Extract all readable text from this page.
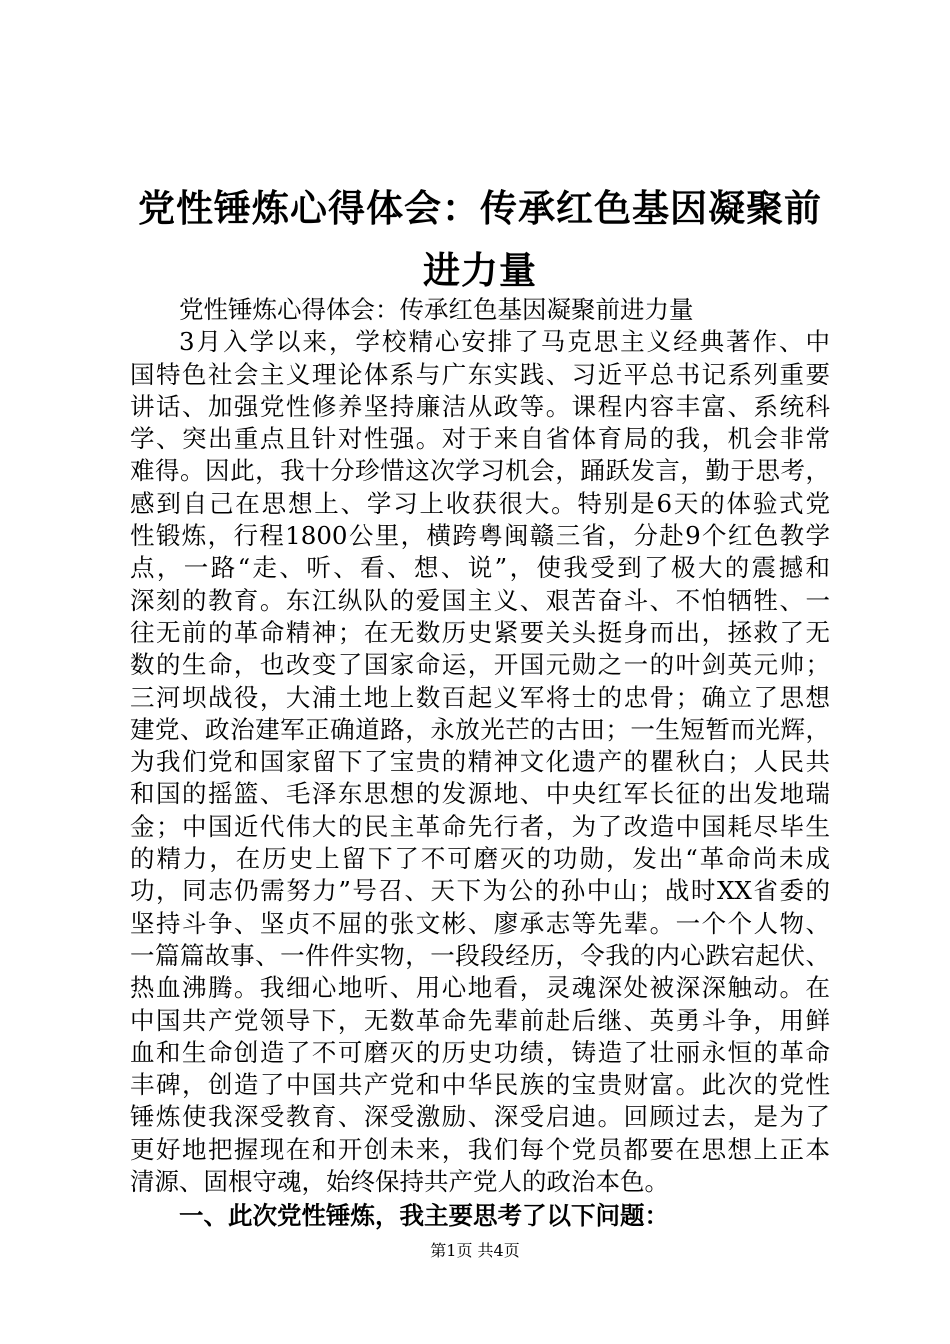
党性锤炼心得体会：传承红色基因凝聚前进力量
党性锤炼心得体会：传承红色基因凝聚前进力量
3月入学以来，学校精心安排了马克思主义经典著作、中
国特色社会主义理论体系与广东实践、习近平总书记系列重要
讲话、加强党性修养坚持廉洁从政等。课程内容丰富、系统科
学、突出重点且针对性强。对于来自省体育局的我，机会非常
难得。因此，我十分珍惜这次学习机会，踊跃发言，勤于思考，
感到自己在思想上、学习上收获很大。特别是6天的体验式党
性锻炼，行程1800公里，横跨粤闽赣三省，分赴9个红色教学
点，一路“走、听、看、想、说”，使我受到了极大的震撼和
深刻的教育。东江纵队的爱国主义、艰苦奋斗、不怕牺牲、一
往无前的革命精神；在无数历史紧要关头挺身而出，拯救了无
数的生命，也改变了国家命运，开国元勋之一的叶剑英元帅；
三河坝战役，大浦土地上数百起义军将士的忠骨；确立了思想
建党、政治建军正确道路，永放光芒的古田；一生短暂而光辉，
为我们党和国家留下了宝贵的精神文化遗产的瞿秋白；人民共
和国的摇篮、毛泽东思想的发源地、中央红军长征的出发地瑞
金；中国近代伟大的民主革命先行者，为了改造中国耗尽毕生
的精力，在历史上留下了不可磨灭的功勋，发出“革命尚未成
功，同志仍需努力”号召、天下为公的孙中山；战时XX省委的
坚持斗争、坚贞不屈的张文彬、廖承志等先辈。一个个人物、
一篇篇故事、一件件实物，一段段经历，令我的内心跌宕起伏、
热血沸腾。我细心地听、用心地看，灵魂深处被深深触动。在
中国共产党领导下，无数革命先辈前赴后继、英勇斗争，用鲜
血和生命创造了不可磨灭的历史功绩，铸造了壮丽永恒的革命
丰碑，创造了中国共产党和中华民族的宝贵财富。此次的党性
锤炼使我深受教育、深受激励、深受启迪。回顾过去，是为了
更好地把握现在和开创未来，我们每个党员都要在思想上正本
清源、固根守魂，始终保持共产党人的政治本色。
一、此次党性锤炼，我主要思考了以下问题：
第1页 共4页
